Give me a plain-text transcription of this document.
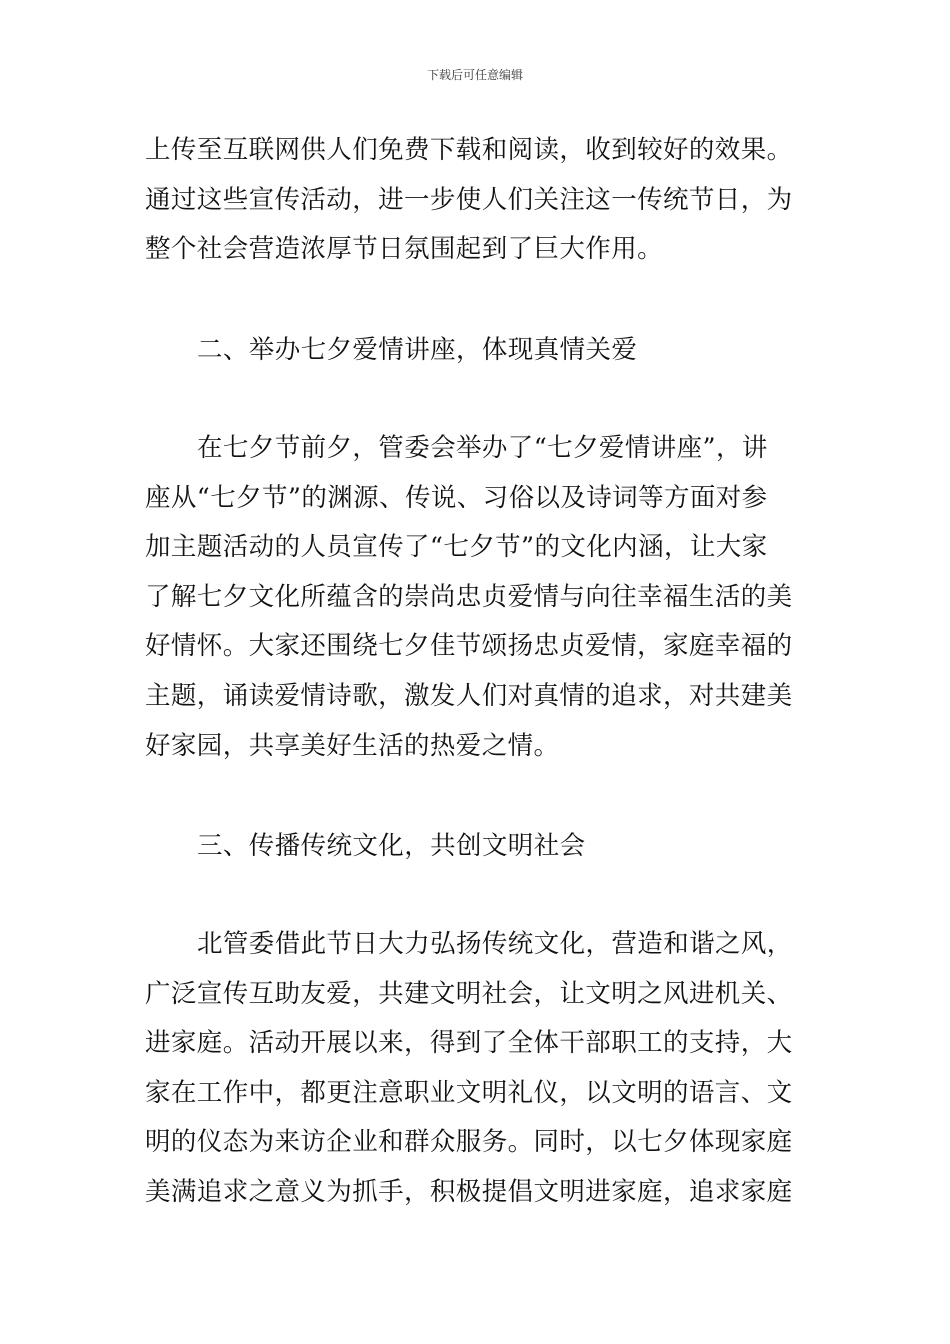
下载后可任意编辑
上传至互联网供人们免费下载和阅读，收到较好的效果。
通过这些宣传活动，进一步使人们关注这一传统节日，为
整个社会营造浓厚节日氛围起到了巨大作用。
二、举办七夕爱情讲座，体现真情关爱
在七夕节前夕，管委会举办了“七夕爱情讲座”，讲
座从“七夕节”的渊源、传说、习俗以及诗词等方面对参
加主题活动的人员宣传了“七夕节”的文化内涵，让大家
了解七夕文化所蕴含的崇尚忠贞爱情与向往幸福生活的美
好情怀。大家还围绕七夕佳节颂扬忠贞爱情，家庭幸福的
主题，诵读爱情诗歌，激发人们对真情的追求，对共建美
好家园，共享美好生活的热爱之情。
三、传播传统文化，共创文明社会
北管委借此节日大力弘扬传统文化，营造和谐之风，
广泛宣传互助友爱，共建文明社会，让文明之风进机关、
进家庭。活动开展以来，得到了全体干部职工的支持，大
家在工作中，都更注意职业文明礼仪，以文明的语言、文
明的仪态为来访企业和群众服务。同时，以七夕体现家庭
美满追求之意义为抓手，积极提倡文明进家庭，追求家庭
